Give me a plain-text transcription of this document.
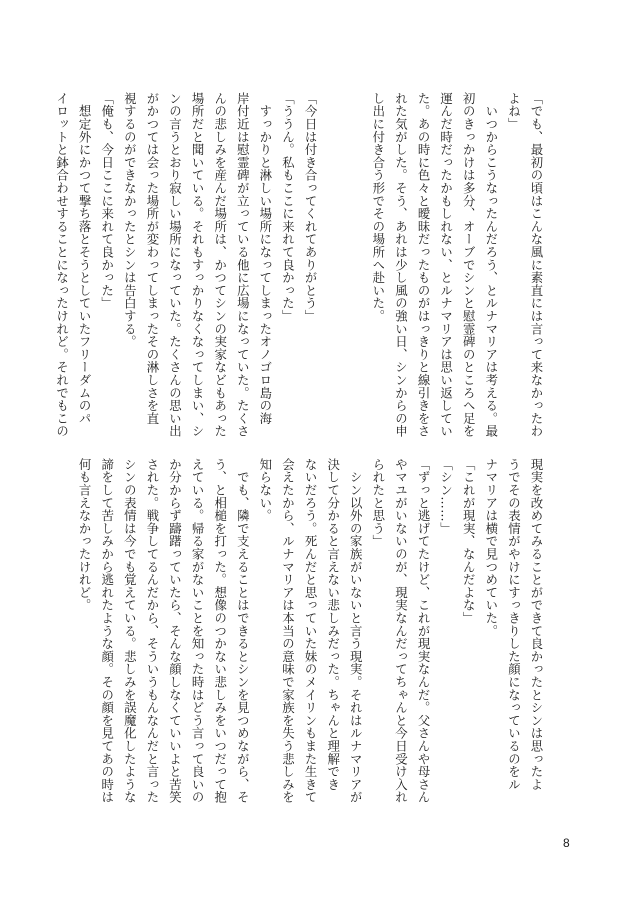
「でも、最初の頃はこんな風に素直には言って来なかったわ

よね」

　いつからこうなったんだろう、とルナマリアは考える。最

初のきっかけは多分、オーブでシンと慰霊碑のところへ足を

運んだ時だったかもしれない、とルナマリアは思い返してい

た。あの時に色々と曖昧だったものがはっきりと線引きをさ

れた気がした。そう、あれは少し風の強い日、シンからの申

し出に付き合う形でその場所へ赴いた。

「今日は付き合ってくれてありがとう」

「ううん。私もここに来れて良かった」

　すっかりと淋しい場所になってしまったオノゴロ島の海

岸付近は慰霊碑が立っている他に広場になっていた。たくさ

んの悲しみを産んだ場所は、かつてシンの実家などもあった

場所だと聞いている。それもすっかりなくなってしまい、シ

ンの言うとおり寂しい場所になっていた。たくさんの思い出

がかつては会った場所が変わってしまったその淋しさを直

視するのができなかったとシンは告白する。

「俺も、今日ここに来れて良かった」

　想定外にかつて撃ち落とそうとしていたフリーダムのパ

イロットと鉢合わせすることになったけれど。それでもこの

現実を改めてみることができて良かったとシンは思ったよ

うでその表情がやけにすっきりした顔になっているのをル

ナマリアは横で見つめていた。

「これが現実、なんだよな」

「シン……」

「ずっと逃げてたけど、これが現実なんだ。父さんや母さん

やマユがいないのが、現実なんだってちゃんと今日受け入れ

られたと思う」

　シン以外の家族がいないと言う現実。それはルナマリアが

決して分かると言えない悲しみだった。ちゃんと理解でき

ないだろう。死んだと思っていた妹のメイリンもまた生きて

会えたから、ルナマリアは本当の意味で家族を失う悲しみを

知らない。

　でも、隣で支えることはできるとシンを見つめながら、そ

う、と相槌を打った。想像のつかない悲しみをいつだって抱

えている。帰る家がないことを知った時はどう言って良いの

か分からず躊躇っていたら、そんな顔しなくていいよと苦笑

された。戦争してるんだから、そういうもんなんだと言った

シンの表情は今でも覚えている。悲しみを誤魔化したような

諦をして苦しみから逃れたような顔。その顔を見てあの時は

何も言えなかったけれど。

8
